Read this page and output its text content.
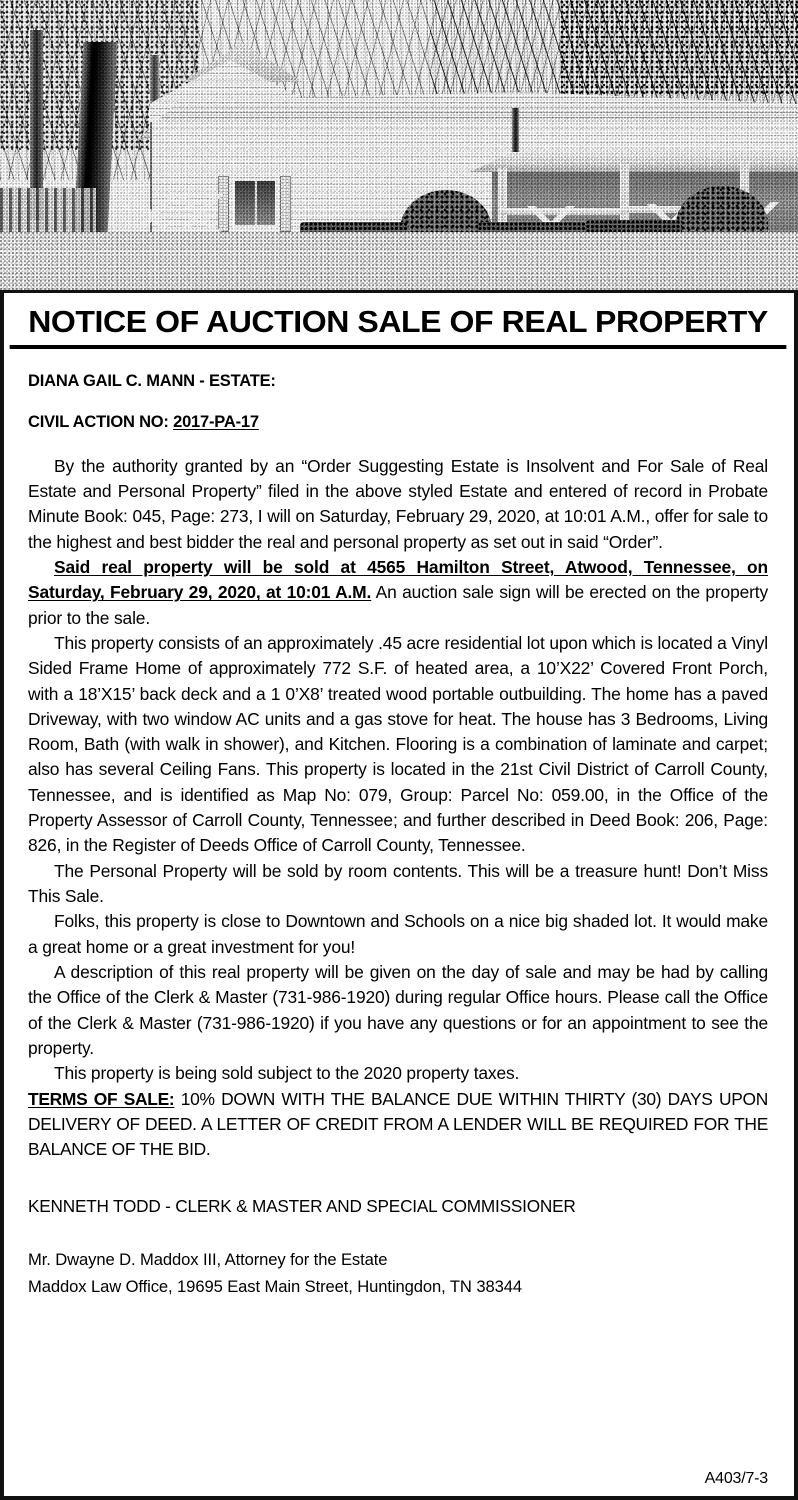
NOTICE OF AUCTION SALE OF REAL PROPERTY
DIANA GAIL C. MANN - ESTATE:
CIVIL ACTION NO: 2017-PA-17

By the authority granted by an “Order Suggesting Estate is Insolvent and For Sale of Real Estate and Personal Property” filed in the above styled Estate and entered of record in Probate Minute Book: 045, Page: 273, I will on Saturday, February 29, 2020, at 10:01 A.M., offer for sale to the highest and best bidder the real and personal property as set out in said “Order”.

Said real property will be sold at 4565 Hamilton Street, Atwood, Tennessee, on Saturday, February 29, 2020, at 10:01 A.M. An auction sale sign will be erected on the property prior to the sale.

This property consists of an approximately .45 acre residential lot upon which is located a Vinyl Sided Frame Home of approximately 772 S.F. of heated area, a 10’X22’ Covered Front Porch, with a 18’X15’ back deck and a 1 0’X8’ treated wood portable outbuilding. The home has a paved Driveway, with two window AC units and a gas stove for heat. The house has 3 Bedrooms, Living Room, Bath (with walk in shower), and Kitchen. Flooring is a combination of laminate and carpet; also has several Ceiling Fans. This property is located in the 21st Civil District of Carroll County, Tennessee, and is identified as Map No: 079, Group: Parcel No: 059.00, in the Office of the Property Assessor of Carroll County, Tennessee; and further described in Deed Book: 206, Page: 826, in the Register of Deeds Office of Carroll County, Tennessee.

The Personal Property will be sold by room contents. This will be a treasure hunt! Don’t Miss This Sale.

Folks, this property is close to Downtown and Schools on a nice big shaded lot. It would make a great home or a great investment for you!

A description of this real property will be given on the day of sale and may be had by calling the Office of the Clerk & Master (731-986-1920) during regular Office hours. Please call the Office of the Clerk & Master (731-986-1920) if you have any questions or for an appointment to see the property.

This property is being sold subject to the 2020 property taxes.

TERMS OF SALE: 10% DOWN WITH THE BALANCE DUE WITHIN THIRTY (30) DAYS UPON DELIVERY OF DEED. A LETTER OF CREDIT FROM A LENDER WILL BE REQUIRED FOR THE BALANCE OF THE BID.

KENNETH TODD - CLERK & MASTER AND SPECIAL COMMISSIONER
Mr. Dwayne D. Maddox III, Attorney for the Estate
Maddox Law Office, 19695 East Main Street, Huntingdon, TN 38344
A403/7-3
